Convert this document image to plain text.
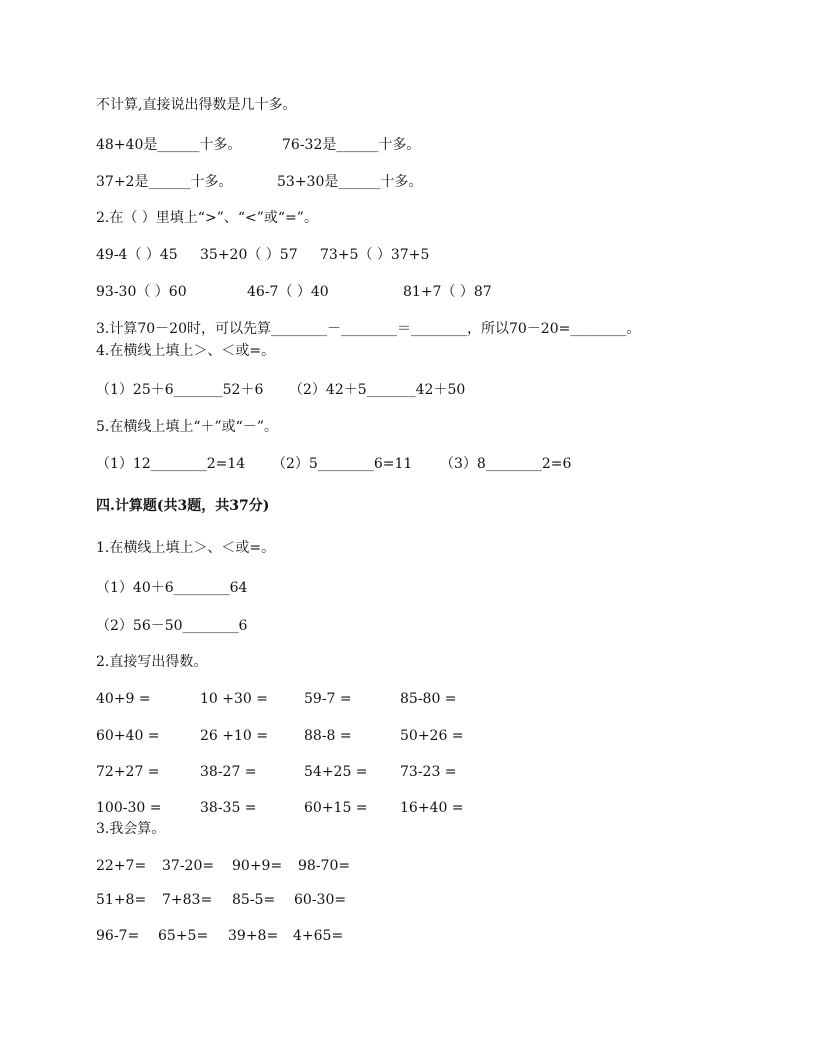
不计算,直接说出得数是几十多。
48+40是______十多。	76-32是______十多。
37+2是______十多。	53+30是______十多。
2.在（ ）里填上“>”、“<”或“=”。
49-4（ ）45 35+20（ ）57 73+5（ ）37+5
93-30（ ）60	46-7（ ）40	81+7（ ）87
3.计算70－20时，可以先算________－________＝________，所以70－20=________。
4.在横线上填上＞、＜或=。
（1）25＋6_______52＋6 （2）42＋5_______42＋50
5.在横线上填上“＋”或“－”。
（1）12________2=14 （2）5________6=11 （3）8________2=6
四.计算题(共3题，共37分)
1.在横线上填上＞、＜或=。
（1）40＋6________64
（2）56－50________6
2.直接写出得数。
40+9 =	10 +30 =	59-7 =	85-80 =
60+40 =	26 +10 =	88-8 =	50+26 =
72+27 =	38-27 =	54+25 = 73-23 =
100-30 =	38-35 =	60+15 = 16+40 =
3.我会算。
22+7= 37-20= 90+9= 98-70=
51+8= 7+83= 85-5= 60-30=
96-7= 65+5= 39+8= 4+65=
